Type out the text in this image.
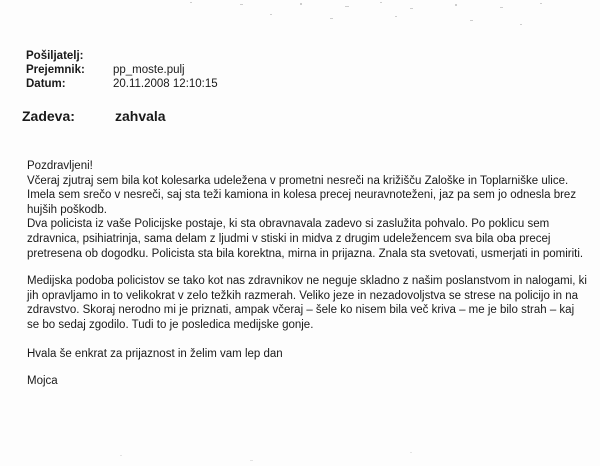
Pošiljatelj:
Prejemnik:	pp_moste.pulj
Datum:	20.11.2008 12:10:15
Zadeva:	zahvala

Pozdravljeni!

Včeraj zjutraj sem bila kot kolesarka udeležena v prometni nesreči na križišču Zaloške in Toplarniške ulice. Imela sem srečo v nesreči, saj sta teži kamiona in kolesa precej neuravnoteženi, jaz pa sem jo odnesla brez hujših poškodb.

Dva policista iz vaše Policijske postaje, ki sta obravnavala zadevo si zaslužita pohvalo. Po poklicu sem zdravnica, psihiatrinja, sama delam z ljudmi v stiski in midva z drugim udeležencem sva bila oba precej pretresena ob dogodku. Policista sta bila korektna, mirna in prijazna. Znala sta svetovati, usmerjati in pomiriti.

Medijska podoba policistov se tako kot nas zdravnikov ne neguje skladno z našim poslanstvom in nalogami, ki jih opravljamo in to velikokrat v zelo težkih razmerah. Veliko jeze in nezadovoljstva se strese na policijo in na zdravstvo. Skoraj nerodno mi je priznati, ampak včeraj – šele ko nisem bila več kriva – me je bilo strah – kaj se bo sedaj zgodilo. Tudi to je posledica medijske gonje.

Hvala še enkrat za prijaznost in želim vam lep dan

Mojca
